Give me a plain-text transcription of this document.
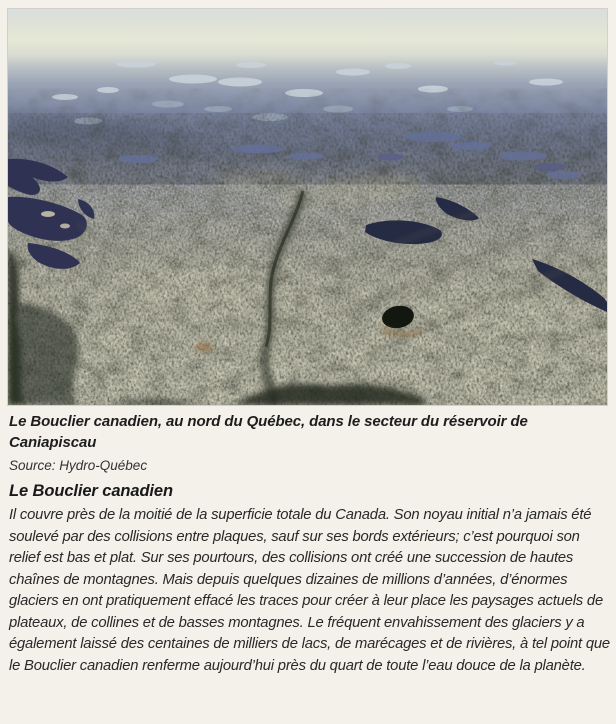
Le Bouclier canadien, au nord du Québec, dans le secteur du réservoir de Caniapiscau
Source: Hydro-Québec
Le Bouclier canadien

Il couvre près de la moitié de la superficie totale du Canada. Son noyau initial n’a jamais été soulevé par des collisions entre plaques, sauf sur ses bords extérieurs; c’est pourquoi son relief est bas et plat. Sur ses pourtours, des collisions ont créé une succession de hautes chaînes de montagnes. Mais depuis quelques dizaines de millions d’années, d’énormes glaciers en ont pratiquement effacé les traces pour créer à leur place les paysages actuels de plateaux, de collines et de basses montagnes. Le fréquent envahissement des glaciers y a également laissé des centaines de milliers de lacs, de marécages et de rivières, à tel point que le Bouclier canadien renferme aujourd’hui près du quart de toute l’eau douce de la planète.
